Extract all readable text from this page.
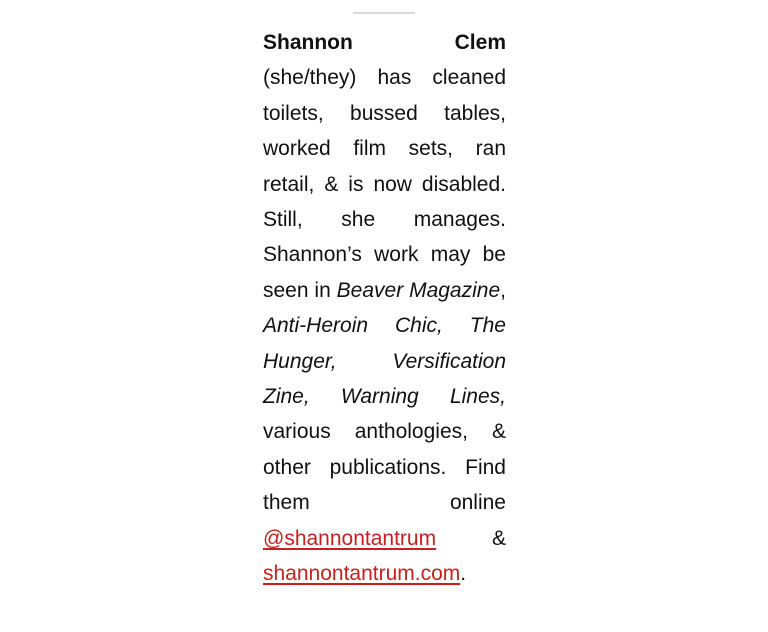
Shannon Clem (she/they) has cleaned toilets, bussed tables, worked film sets, ran retail, & is now disabled. Still, she manages. Shannon’s work may be seen in Beaver Magazine, Anti-Heroin Chic, The Hunger,	Versification Zine, Warning Lines, various anthologies, & other publications. Find them online @shannontantrum & shannontantrum.com.
